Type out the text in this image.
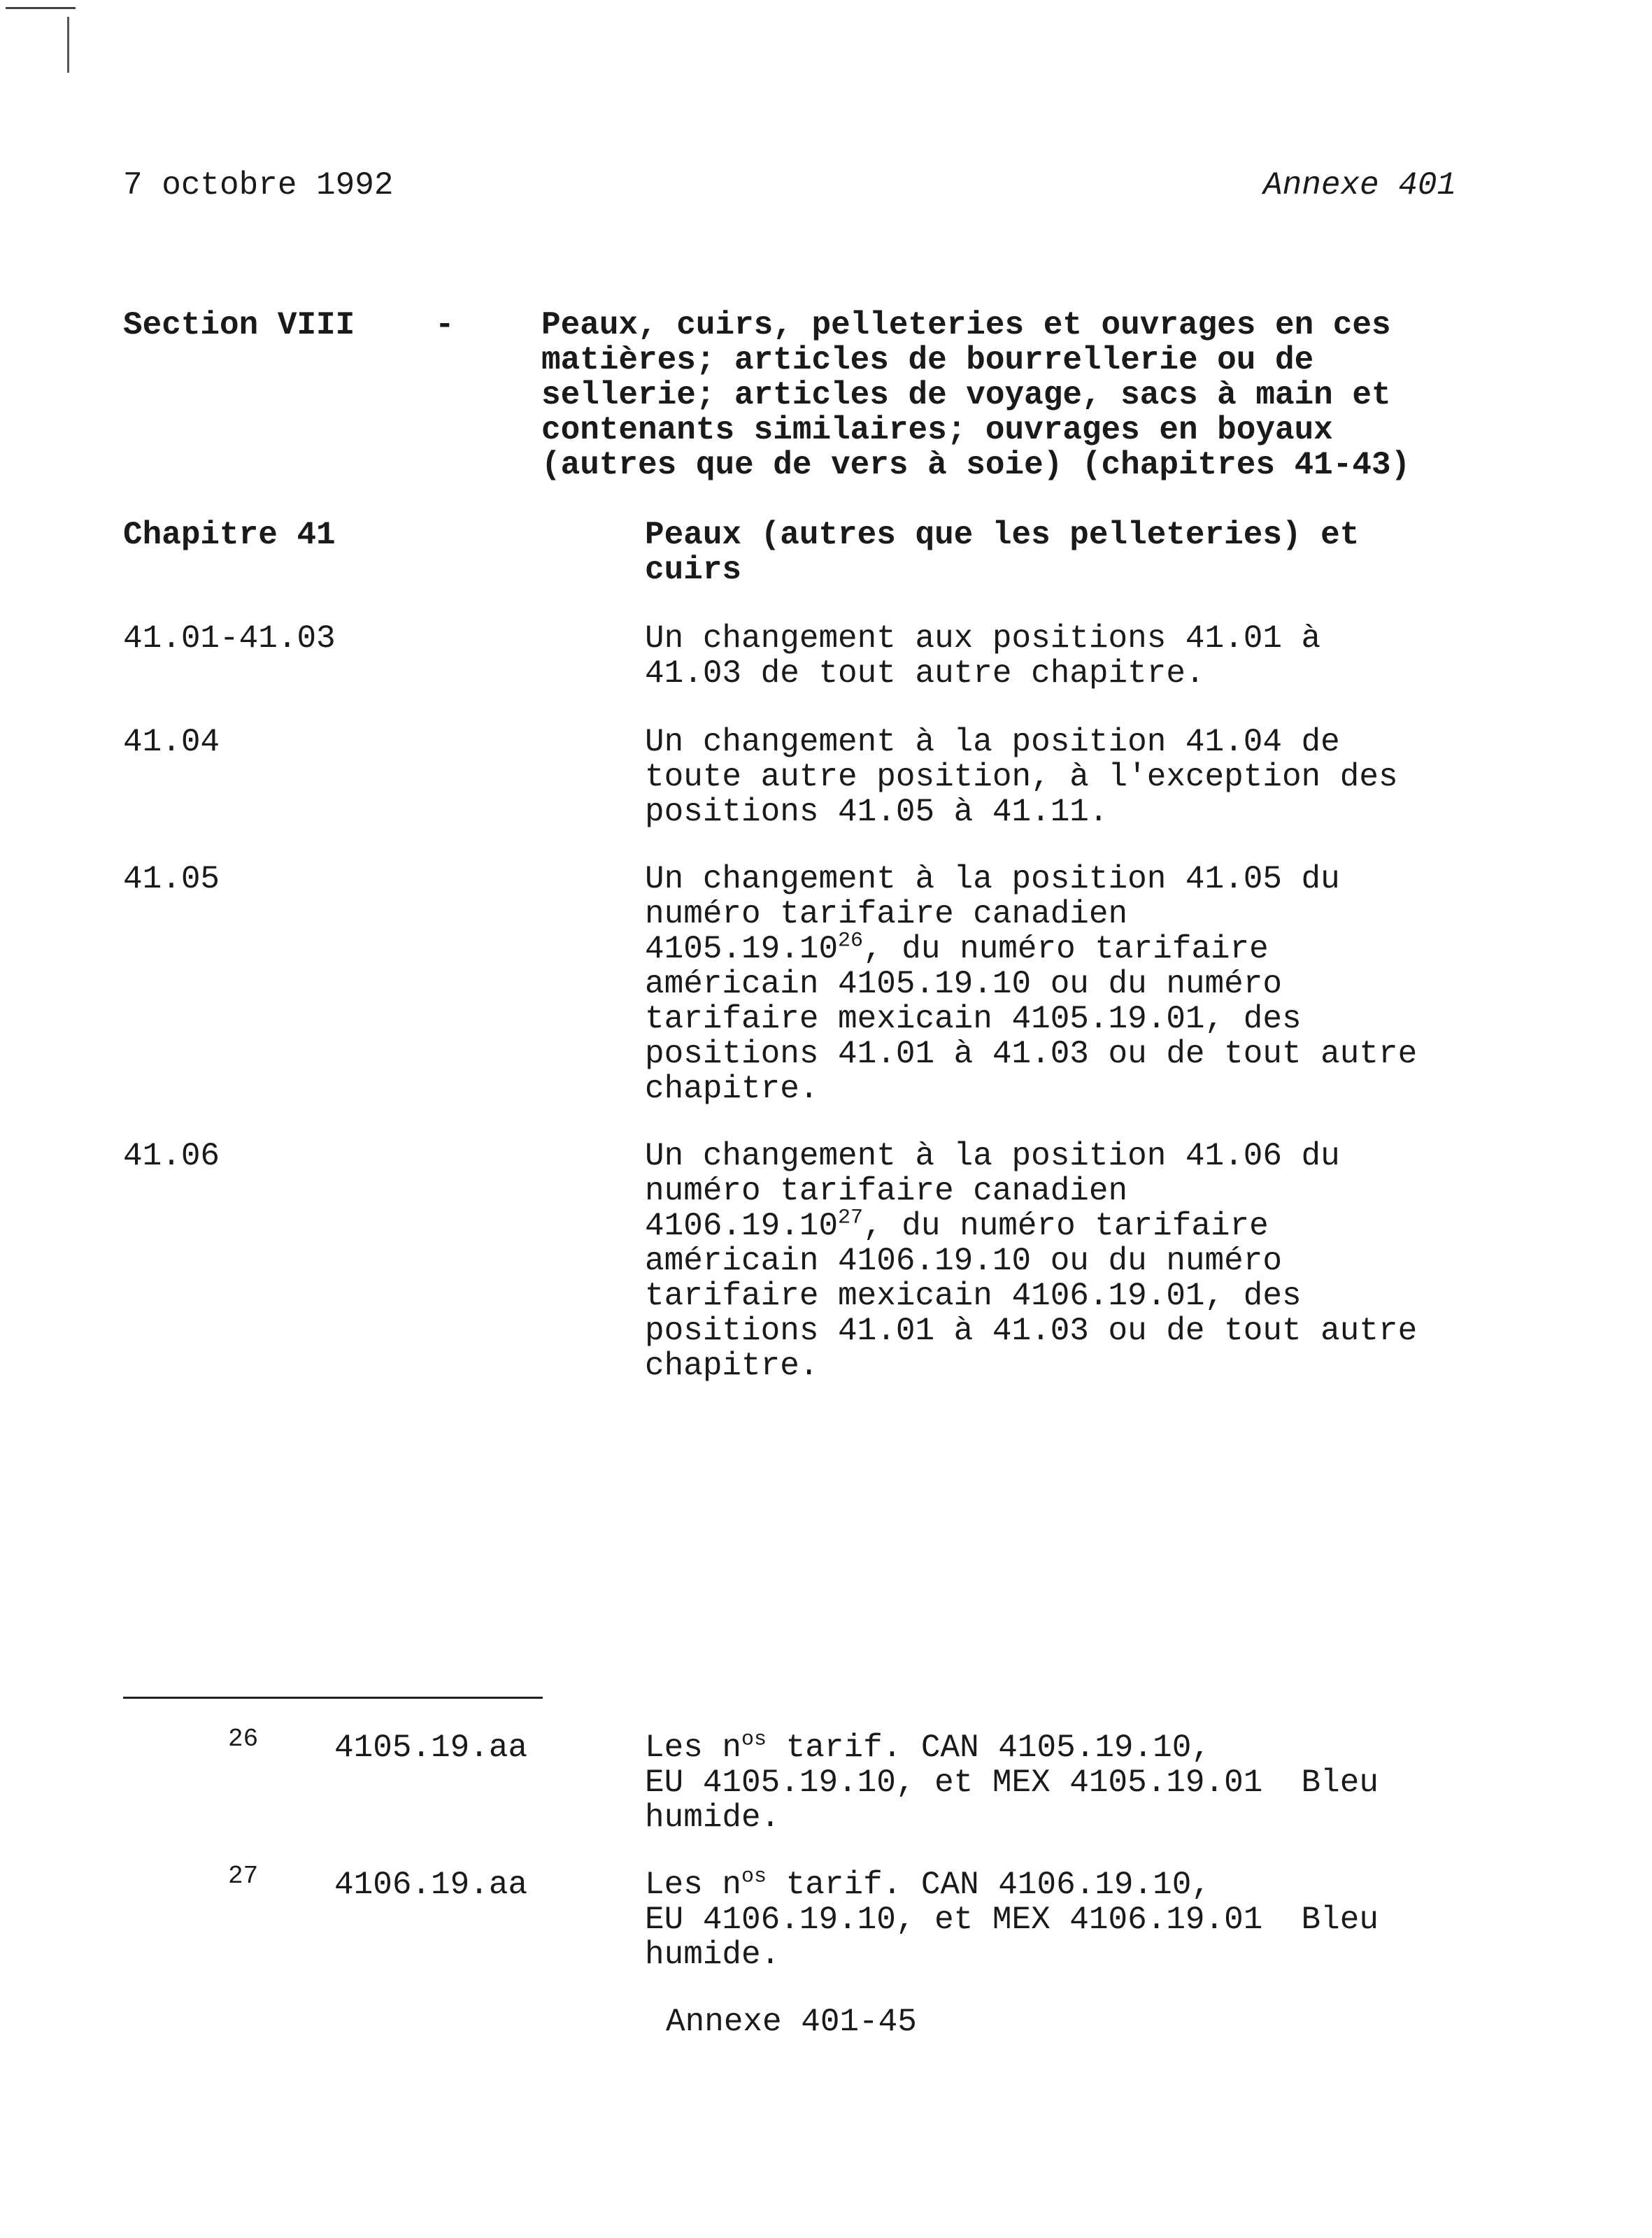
7 octobre 1992	Annexe 401
Section VIII -	Peaux, cuirs, pelleteries et ouvrages en ces
matières; articles de bourrellerie ou de
sellerie; articles de voyage, sacs à main et
contenants similaires; ouvrages en boyaux
(autres que de vers à soie) (chapitres 41-43)
Chapitre 41	Peaux (autres que les pelleteries) et
cuirs
41.01-41.03	Un changement aux positions 41.01 à
41.03 de tout autre chapitre.
41.04	Un changement à la position 41.04 de
toute autre position, à l'exception des
positions 41.05 à 41.11.
41.05	Un changement à la position 41.05 du
numéro tarifaire canadien
4105.19.10$^{26}$, du numéro tarifaire
américain 4105.19.10 ou du numéro
tarifaire mexicain 4105.19.01, des
positions 41.01 à 41.03 ou de tout autre
chapitre.
41.06	Un changement à la position 41.06 du
numéro tarifaire canadien
4106.19.10$^{27}$, du numéro tarifaire
américain 4106.19.10 ou du numéro
tarifaire mexicain 4106.19.01, des
positions 41.01 à 41.03 ou de tout autre
chapitre.
26 4105.19.aa	Les $n^{os}$ tarif. CAN 4105.19.10,
EU 4105.19.10, et MEX 4105.19.01  Bleu
humide.
27 4106.19.aa	Les $n^{os}$ tarif. CAN 4106.19.10,
EU 4106.19.10, et MEX 4106.19.01  Bleu
humide.
Annexe 401-45
